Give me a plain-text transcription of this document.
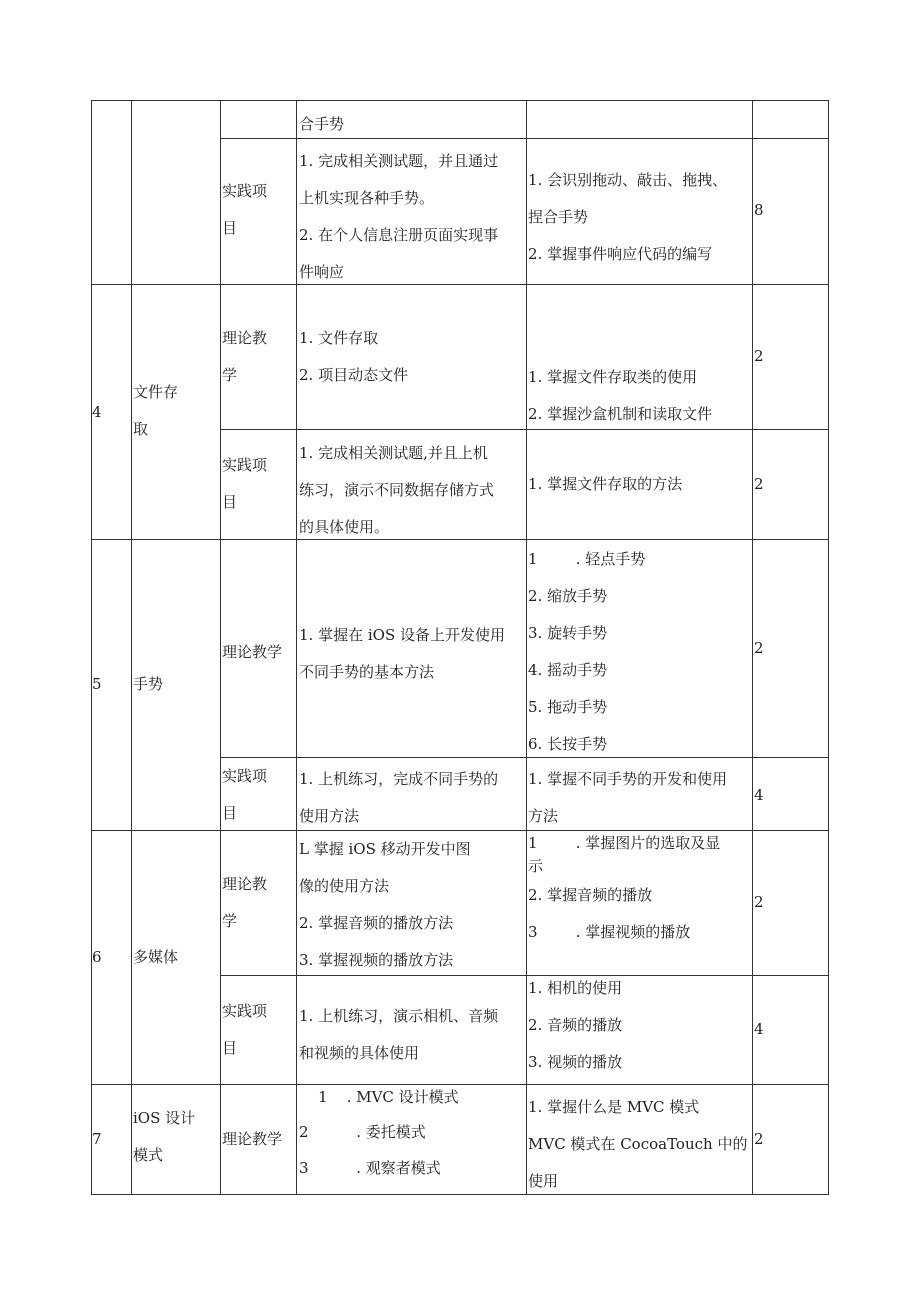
合手势
实践项
目
1. 完成相关测试题，并且通过
上机实现各种手势。
2. 在个人信息注册页面实现事
件响应
1. 会识别拖动、敲击、拖拽、
捏合手势
2. 掌握事件响应代码的编写
8
4
文件存
取
理论教
学
1. 文件存取
2. 项目动态文件	1. 掌握文件存取类的使用
2. 掌握沙盒机制和读取文件
2
实践项
目
1. 完成相关测试题,并且上机
练习，演示不同数据存储方式
的具体使用。
1. 掌握文件存取的方法	2
5 手势
理论教学
1. 掌握在 iOS 设备上开发使用
不同手势的基本方法
1        . 轻点手势
2. 缩放手势
3. 旋转手势
4. 摇动手势
5. 拖动手势
6. 长按手势
2
实践项
目
1. 上机练习，完成不同手势的
使用方法
1. 掌握不同手势的开发和使用
方法
4
6 多媒体
理论教
学
L 掌握 iOS 移动开发中图
像的使用方法
2. 掌握音频的播放方法
3. 掌握视频的播放方法
1        . 掌握图片的选取及显
示
2. 掌握音频的播放
3        . 掌握视频的播放
2
实践项
目
1. 上机练习，演示相机、音频
和视频的具体使用
1. 相机的使用
2. 音频的播放
3. 视频的播放
4
7
iOS 设计
模式
理论教学
1    . MVC 设计模式
2          . 委托模式
3          . 观察者模式
1. 掌握什么是 MVC 模式
MVC 模式在 CocoaTouch 中的
使用
2
